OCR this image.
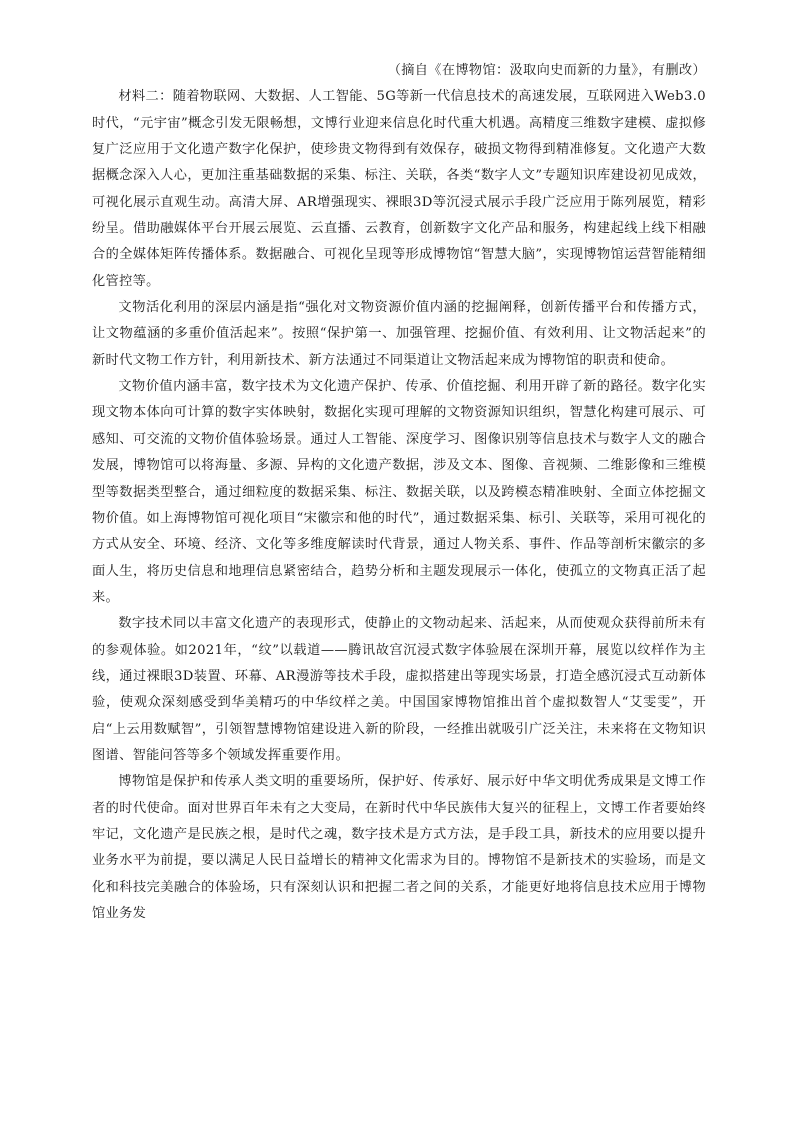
（摘自《在博物馆：汲取向史而新的力量》，有删改）

材料二：随着物联网、大数据、人工智能、5G等新一代信息技术的高速发展，互联网进入Web3.0时代，“元宇宙”概念引发无限畅想，文博行业迎来信息化时代重大机遇。高精度三维数字建模、虚拟修复广泛应用于文化遗产数字化保护，使珍贵文物得到有效保存，破损文物得到精准修复。文化遗产大数据概念深入人心，更加注重基础数据的采集、标注、关联，各类“数字人文”专题知识库建设初见成效，可视化展示直观生动。高清大屏、AR增强现实、裸眼3D等沉浸式展示手段广泛应用于陈列展览，精彩纷呈。借助融媒体平台开展云展览、云直播、云教育，创新数字文化产品和服务，构建起线上线下相融合的全媒体矩阵传播体系。数据融合、可视化呈现等形成博物馆“智慧大脑”，实现博物馆运营智能精细化管控等。

文物活化利用的深层内涵是指“强化对文物资源价值内涵的挖掘阐释，创新传播平台和传播方式，让文物蕴涵的多重价值活起来”。按照“保护第一、加强管理、挖掘价值、有效利用、让文物活起来”的新时代文物工作方针，利用新技术、新方法通过不同渠道让文物活起来成为博物馆的职责和使命。

文物价值内涵丰富，数字技术为文化遗产保护、传承、价值挖掘、利用开辟了新的路径。数字化实现文物本体向可计算的数字实体映射，数据化实现可理解的文物资源知识组织，智慧化构建可展示、可感知、可交流的文物价值体验场景。通过人工智能、深度学习、图像识别等信息技术与数字人文的融合发展，博物馆可以将海量、多源、异构的文化遗产数据，涉及文本、图像、音视频、二维影像和三维模型等数据类型整合，通过细粒度的数据采集、标注、数据关联，以及跨模态精准映射、全面立体挖掘文物价值。如上海博物馆可视化项目“宋徽宗和他的时代”，通过数据采集、标引、关联等，采用可视化的方式从安全、环境、经济、文化等多维度解读时代背景，通过人物关系、事件、作品等剖析宋徽宗的多面人生，将历史信息和地理信息紧密结合，趋势分析和主题发现展示一体化，使孤立的文物真正活了起来。

数字技术同以丰富文化遗产的表现形式，使静止的文物动起来、活起来，从而使观众获得前所未有的参观体验。如2021年，“纹”以载道——腾讯故宫沉浸式数字体验展在深圳开幕，展览以纹样作为主线，通过裸眼3D装置、环幕、AR漫游等技术手段，虚拟搭建出等现实场景，打造全感沉浸式互动新体验，使观众深刻感受到华美精巧的中华纹样之美。中国国家博物馆推出首个虚拟数智人“艾雯雯”，开启“上云用数赋智”，引领智慧博物馆建设进入新的阶段，一经推出就吸引广泛关注，未来将在文物知识图谱、智能问答等多个领域发挥重要作用。

博物馆是保护和传承人类文明的重要场所，保护好、传承好、展示好中华文明优秀成果是文博工作者的时代使命。面对世界百年未有之大变局，在新时代中华民族伟大复兴的征程上，文博工作者要始终牢记，文化遗产是民族之根，是时代之魂，数字技术是方式方法，是手段工具，新技术的应用要以提升业务水平为前提，要以满足人民日益增长的精神文化需求为目的。博物馆不是新技术的实验场，而是文化和科技完美融合的体验场，只有深刻认识和把握二者之间的关系，才能更好地将信息技术应用于博物馆业务发
